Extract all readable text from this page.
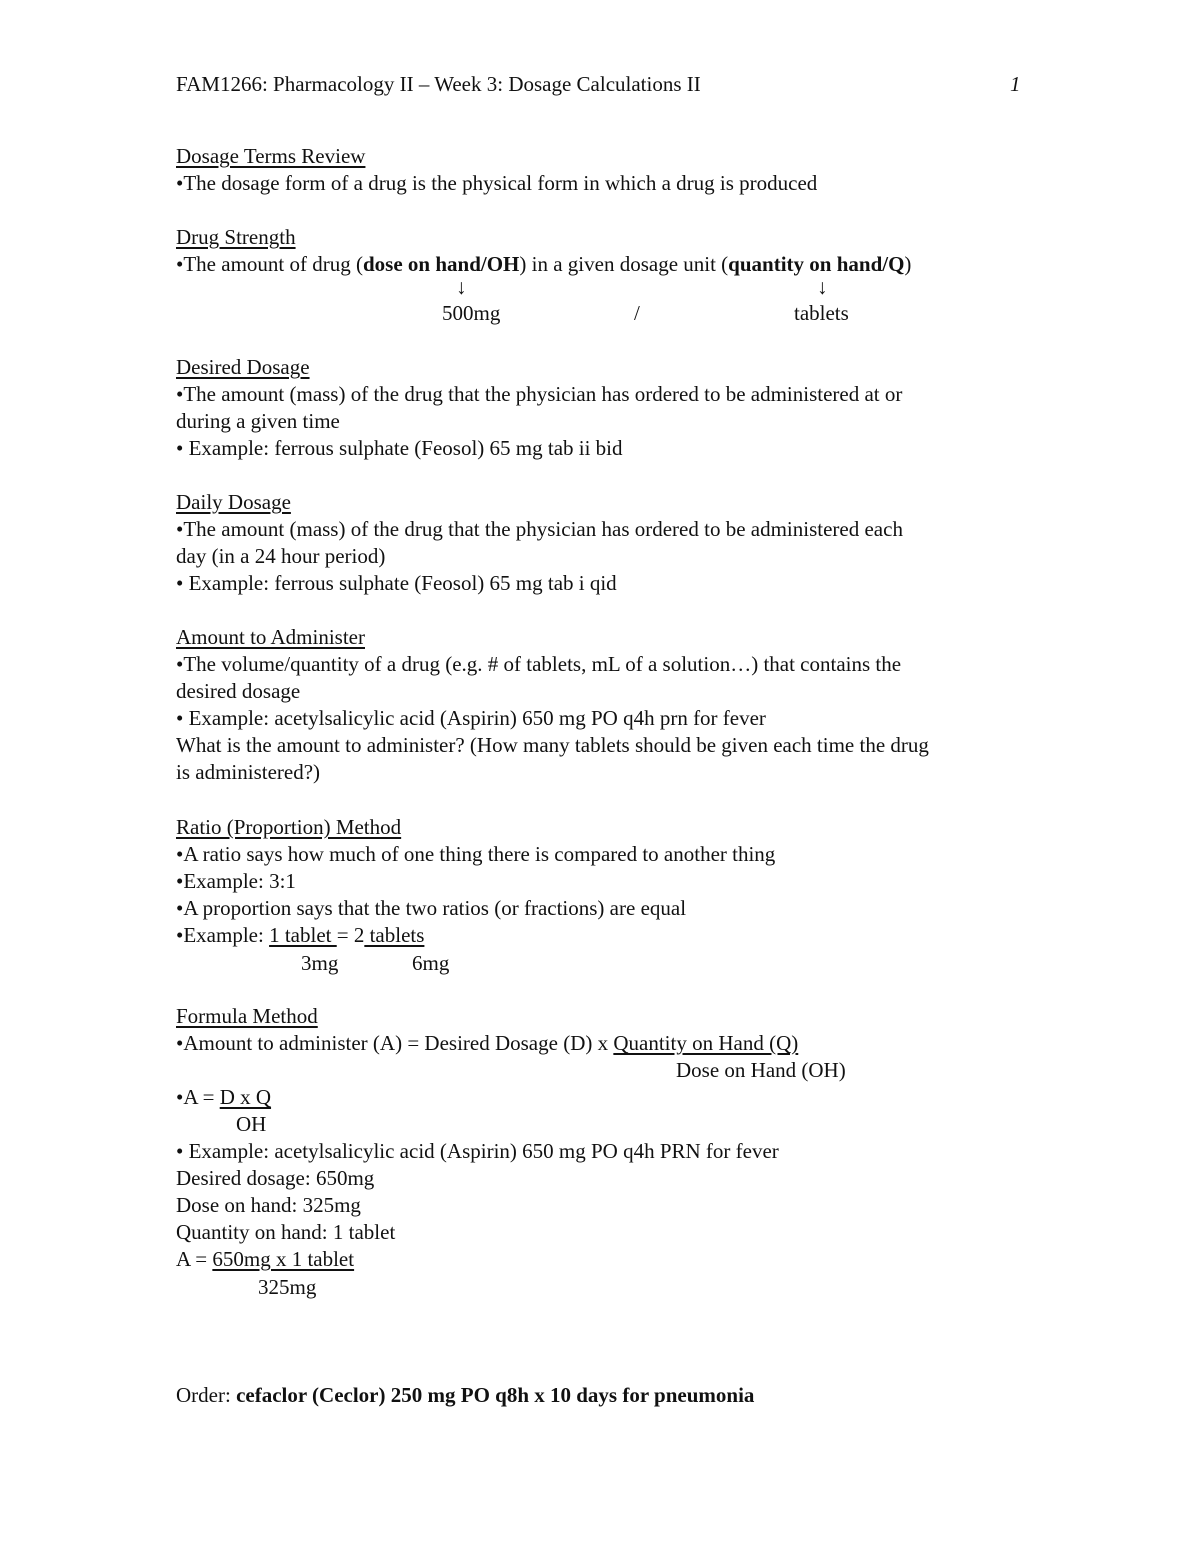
FAM1266: Pharmacology II – Week 3: Dosage Calculations II	1
Dosage Terms Review
•The dosage form of a drug is the physical form in which a drug is produced
Drug Strength
•The amount of drug (dose on hand/OH) in a given dosage unit (quantity on hand/Q)
↓	↓
500mg	/	tablets
Desired Dosage
•The amount (mass) of the drug that the physician has ordered to be administered at or
during a given time
• Example: ferrous sulphate (Feosol) 65 mg tab ii bid
Daily Dosage
•The amount (mass) of the drug that the physician has ordered to be administered each
day (in a 24 hour period)
• Example: ferrous sulphate (Feosol) 65 mg tab i qid
Amount to Administer
•The volume/quantity of a drug (e.g. # of tablets, mL of a solution…) that contains the
desired dosage
• Example: acetylsalicylic acid (Aspirin) 650 mg PO q4h prn for fever
What is the amount to administer? (How many tablets should be given each time the drug
is administered?)
Ratio (Proportion) Method
•A ratio says how much of one thing there is compared to another thing
•Example: 3:1
•A proportion says that the two ratios (or fractions) are equal
•Example: 1 tablet = 2 tablets
3mg	6mg
Formula Method
•Amount to administer (A) = Desired Dosage (D) x Quantity on Hand (Q)
Dose on Hand (OH)
•A = D x Q
OH
• Example: acetylsalicylic acid (Aspirin) 650 mg PO q4h PRN for fever
Desired dosage: 650mg
Dose on hand: 325mg
Quantity on hand: 1 tablet
A = 650mg x 1 tablet
325mg
Order: cefaclor (Ceclor) 250 mg PO q8h x 10 days for pneumonia
